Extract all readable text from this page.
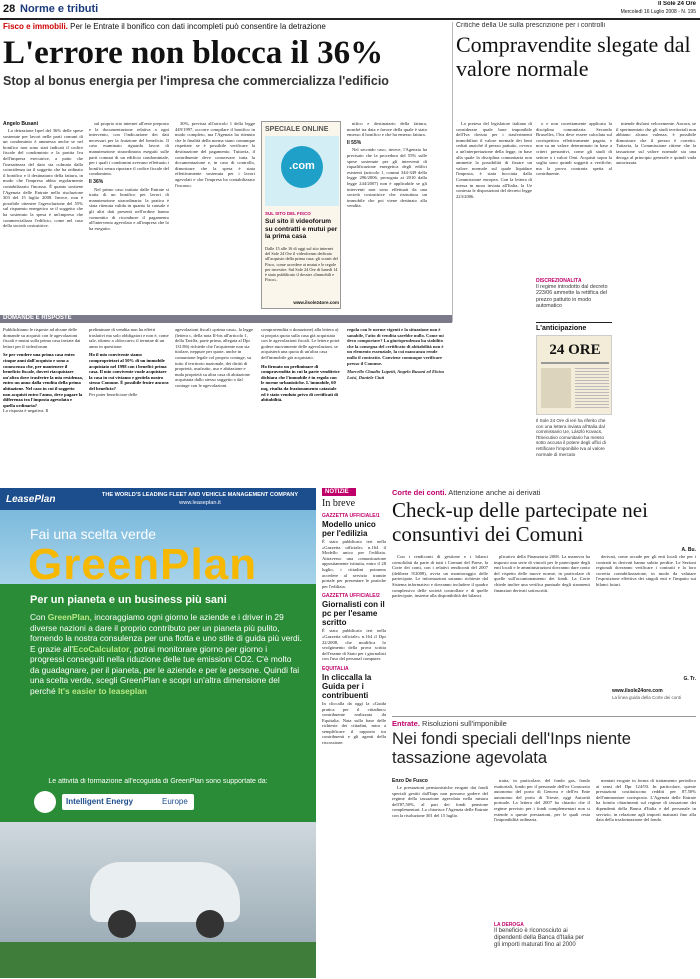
28 Norme e tributi	Il Sole 24 Ore
Mercoledì 16 Luglio 2008 - N. 195
Fisco e immobili. Per le Entrate il bonifico con dati incompleti può consentire la detrazione
L'errore non blocca il 36%
Stop al bonus energia per l'impresa che commercializza l'edificio
Angelo Busani

La detrazione Irpef del 36% delle spese sostenute per lavori nelle parti comuni di un condominio è ammessa anche se nel bonifico non sono stati indicati il codice fiscale del condominio e la partita Iva dell'impresa esecutrice, a patto che l'inesattezza del dato sia colmata dalla coincidenza tra il soggetto che ha ordinato il bonifico e il destinatario della fattura, in modo che l'impresa abbia regolarmente contabilizzato l'incasso. È quanto sostiene l'Agenzia delle Entrate nella risoluzione 303 del 15 luglio 2008. Invece, non è possibile ottenere l'agevolazione del 55% sul risparmio energetico se il soggetto che ha sostenuto la spesa è un'impresa che commercializza l'edificio, come nel caso della società costruttrice.

sul proprio sito internet all'ente preposto e la documentazione relativa a ogni intervento, con l'indicazione dei dati necessari per la fruizione del beneficio. Il caso esaminato riguarda lavori di manutenzione straordinaria eseguiti sulle parti comuni di un edificio condominiale, per i quali i condomini avevano effettuato i bonifici senza riportare il codice fiscale del condominio.

Il 36%

Nel primo caso trattato dalle Entrate si tratta di un bonifico per lavori di manutenzione straordinaria: la pratica è stata ritenuta valida in quanto la causale e gli altri dati presenti nell'ordine hanno consentito di ricondurre il pagamento all'intervento agevolato e all'impresa che lo ha eseguito.

30%, prevista all'articolo 1 della legge 449/1997, occorre compilare il bonifico in modo completo, ma l'Agenzia ha ritenuto che le finalità della norma siano comunque rispettate se è possibile verificare la destinazione del pagamento. Tuttavia, il contribuente deve conservare tutta la documentazione e, in caso di controllo, dimostrare che la spesa è stata effettivamente sostenuta per i lavori agevolati e che l'impresa ha contabilizzato l'incasso.

SPECIALE ONLINE
.com
SUL SITO DEL FISCO
Sul sito il videoforum su contratti e mutui per la prima casa
Dalle 15 alle 16 di oggi sul sito internet del Sole 24 Ore il videoforum dedicato all'acquisto della prima casa: gli sconti del Fisco, come accedere ai mutui e le regole per investire. Sul Sole 24 Ore di lunedì 14 è stato pubblicato il dossier «Immobili e Fisco».
www.ilsole24ore.com

nifico e destinatario della fattura, nonché tra data e favore della quale è stato emesso il bonifico e che ha emesso fattura.

Il 55%

Nel secondo caso, invece, l'Agenzia ha precisato che la procedura del 55% sulle spese sostenute per gli interventi di riqualificazione energetica degli edifici esistenti (articolo 1, commi 344-349 della legge 296/2006, prorogata ai 2010 dalla legge 244/2007) non è applicabile se gli interventi non sono effettuati da una società costruttrice che ristruttura un immobile che poi viene destinato alla vendita.

Critiche della Ue sulla prescrizione per i controlli
Compravendite slegate dal valore normale

La pretesa del legislatore italiano di considerare quale base imponibile dell'Iva dovuta per i trasferimenti immobiliari il valore normale dei beni ceduti anziché il prezzo pattuito, ovvero a un'interpretazione della legge, in base alla quale la disciplina comunitaria non ammette la possibilità di fissare un valore normale sul quale liquidare l'imposta, è stata bocciata dalla Commissione europea. Con la lettera di messa in mora inviata all'Italia, la Ue contesta le disposizioni del decreto legge 223/2006.

o e non correttamente applicata la disciplina comunitaria. Secondo Bruxelles, l'Iva deve essere calcolata sul corrispettivo effettivamente pagato, e non su un valore determinato in base a criteri presuntivi, come gli studi di settore o i valori Omi. Acquisti sopra la soglia sono quindi soggetti a verifiche, ma la prova contraria spetta al contribuente.

intende disfarsi velocemente. Ancora, se il sperimentato che gli studi territoriali non abbiano alcuna valenza, è possibile dimostrare che il prezzo è corretto. Tuttavia, la Commissione ritiene che la tassazione sul valore normale sia una deroga al principio generale e quindi vada autorizzata.

DISCREZIONALITÀ
Il regime introdotto dal decreto 223/06 ammette la rettifica del prezzo pattuito in modo automatico
L'anticipazione
24 ORE
Il Sole 24 Ore di ieri ha riferito che con una lettera inviata all'Italia dal commissario Ue, László Kovacs, l'Esecutivo comunitario ha messo sotto accusa il potere degli uffici di rettificare l'imponibile Iva al valore normale di mercato
A. Bu.
DOMANDE E RISPOSTE
Pubblichiamo le risposte ad alcune delle domande su acquisti con le agevolazioni fiscali e mutui sulla prima casa inviate dai lettori per il videoforum
Se per vendere una prima casa entro cinque anni dall'acquisto e sono a conoscenza che, per mantenere il beneficio fiscale, dovrei riacquistare un'altra dove trasferire la mia residenza, entro un anno dalla vendita della prima abitazione. Nel caso in cui il soggetto non acquisti entro l'anno, deve pagare la differenza tra l'imposta agevolata e quella ordinaria?
La risposta è negativa. Il
preliminare di vendita non ha effetti traslativi ma solo obbligatori e non è, come tale, idoneo a «bloccare» il termine di un anno in questione.
Ho il mio convivente siamo comproprietari al 50% di un immobile acquistato nel 1998 con i benefici prima casa. Il mio convivente vuole acquistare la casa in cui viviamo e gestirla nostro stesso Comune. È possibile fruire ancora del beneficio?
Per poter beneficiare delle
agevolazioni fiscali «prima casa», la legge (lettera c, della nota II-bis all'articolo 1, della Tariffa, parte prima, allegata al Dpr 131/86) richiede che l'acquirente non sia titolare, neppure per quote, anche in comunione legale col proprio coniuge, su tutto il territorio nazionale, dei diritti di proprietà, usufrutto, uso e abitazione e nuda proprietà su altra casa di abitazione acquistata dallo stesso soggetto o dal coniuge con le agevolazioni.
compravendita o donazione) alla lettera a) si propria quota sulla casa già acquistata con le agevolazioni fiscali. Le lettere potrà godere nuovamente delle agevolazioni, se acquisterà una quota di un'altra casa dell'immobile già acquistato.
Ho firmato un preliminare di compravendita in cui la parte venditrice dichiara che l'immobile è in regola con le norme urbanistiche. L'immobile, 60 mq, risulta da frazionamento catastale ed è stato venduto privo di certificati di abitabilità.
regola con le norme vigenti e la situazione non è sanabile, l'atto di vendita sarebbe nullo. Come mi devo comportare? La giurisprudenza ha stabilito che la consegna del certificato di abitabilità non è un elemento essenziale, la cui mancanza rende nullo il contratto. Conviene comunque verificare presso il Comune.
Marcello Claudio Lupetti, Angelo Busani ed Eloisa Loisi, Daniele Ciuti
LeasePlan	THE WORLD'S LEADING FLEET AND VEHICLE MANAGEMENT COMPANY
www.leaseplan.it
Fai una scelta verde
GreenPlan
Per un pianeta e un business più sani
Con GreenPlan, incoraggiamo ogni giorno le aziende e i driver in 29 diverse nazioni a dare il proprio contributo per un pianeta più pulito, fornendo la nostra consulenza per una flotta e uno stile di guida più verdi. E grazie all'EcoCalculator, potrai monitorare giorno per giorno i progressi conseguiti nella riduzione delle tue emissioni CO2. C'è molto da guadagnare, per il pianeta, per le aziende e per le persone. Quindi fai una scelta verde, scegli GreenPlan e scopri un'altra dimensione del perché It's easier to leaseplan
Le attività di formazione all'ecoguida di GreenPlan sono supportate da:
Intelligent Energy	Europe
NOTIZIE
In breve
GAZZETTA UFFICIALE/1
Modello unico per l'edilizia
È stato pubblicato ieri nella «Gazzetta ufficiale» n.164 il Modello unico per l'edilizia. Attraverso una comunicazione appositamente istituita, entro il 28 luglio, i cittadini potranno accedere al servizio tramite portale per presentare le pratiche per l'edilizia.
GAZZETTA UFFICIALE/2
Giornalisti con il pc per l'esame scritto
È stato pubblicato ieri nella «Gazzetta ufficiale» n.164 il Dpr 22/2008, che modifica lo svolgimento della prova scritta dell'esame di Stato per i giornalisti con l'uso del personal computer.
EQUITALIA
In cliccalla la Guida per i contribuenti
In cliccalla da oggi la «Guida pratica per il cittadino» contribuente realizzata da Equitalia. Nata sulla base delle richieste dei cittadini, mira a semplificare il rapporto tra contribuenti e gli agenti della riscossione.
Corte dei conti. Attenzione anche ai derivati
Check-up delle partecipate nei consuntivi dei Comuni

Con i rendiconti di gestione e i bilanci consolidati da parte di tutti i Comuni del Paese, la Corte dei conti, con i relativi rendiconti del 2007 (delibera 9/2008), avvia un monitoraggio delle partecipate. Le informazioni saranno richieste dal Sistema informativo e dovranno includere il quadro complessivo delle società controllate e di quelle partecipate, insieme alla disponibilità dei bilanci.

plicativo della Finanziaria 2008. La manovra ha imposto una serie di vincoli per le partecipate degli enti locali e le amministrazioni dovranno dare conto del rispetto delle nuove norme, in particolare di quelle sull'accantonamento dei fondi. La Corte chiede inoltre una verifica puntuale degli strumenti finanziari derivati sottoscritti.

derivati, come accade per gli enti locali che per i contratti in derivati hanno subito perdite. Le Sezioni regionali dovranno verificare i contratti e la loro corretta contabilizzazione, in modo da valutare l'esposizione effettiva dei singoli enti e l'impatto sui bilanci futuri.

G. Tr.
www.ilsole24ore.com
La linea guida della Corte dei conti
Entrate. Risoluzioni sull'imponibile
Nei fondi speciali dell'Inps niente tassazione agevolata
Enzo De Fusco

Le prestazioni pensionistiche erogate dai fondi speciali gestiti dall'Inps non possono godere del regime della tassazione agevolata nella misura dell'87,50%, al pari dei fondi pensione complementari. Lo chiarisce l'Agenzia delle Entrate con la risoluzione 301 del 15 luglio.

tratta, in particolare, del fondo gas, fondo esattoriali, fondo per il personale dell'ex Consorzio autonomo del porto di Genova e dell'ex Ente autonomo del porto di Trieste, oggi Autorità portuale. La lettera del 2007 ha chiarito che il regime previsto per i fondi complementari non si estende a queste prestazioni, per le quali resta l'imponibilità ordinaria.

LA DEROGA
Il beneficio è riconosciuto ai dipendenti della Banca d'Italia per gli importi maturati fino al 2000

mentati erogate in forma di trattamento periodico ai sensi del Dpr 124/93. In particolare, queste prestazioni costituiscono redditi per 87,50% dell'ammontare corrisposto. L'Agenzia delle Entrate ha fornito chiarimenti sul regime di tassazione dei dipendenti della Banca d'Italia e del personale in servizio, in relazione agli importi maturati fino alla data della trasformazione del fondo.
